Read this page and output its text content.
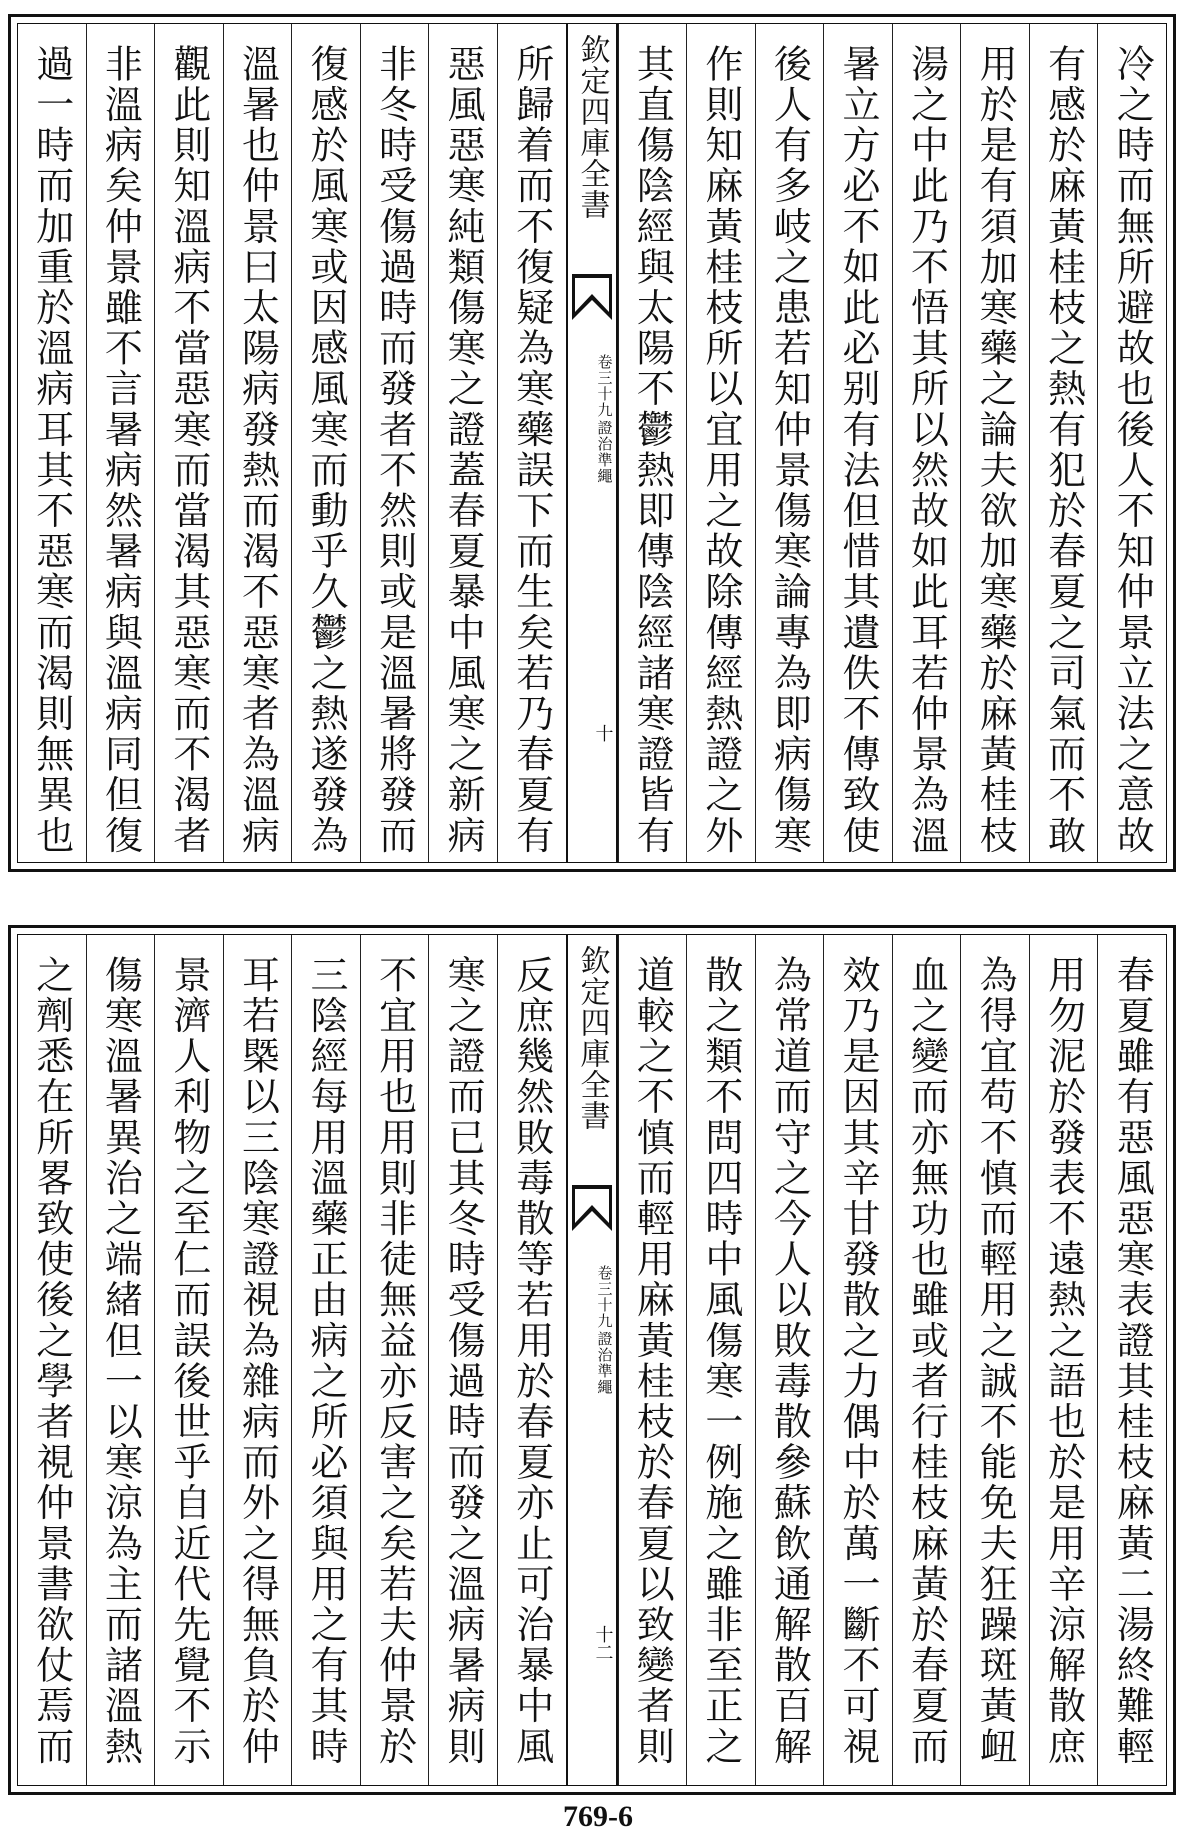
冷之時而無所避故也後人不知仲景立法之意故
有感於麻黃桂枝之熱有犯於春夏之司氣而不敢
用於是有須加寒藥之論夫欲加寒藥於麻黃桂枝
湯之中此乃不悟其所以然故如此耳若仲景為溫
暑立方必不如此必别有法但惜其遺佚不傳致使
後人有多岐之患若知仲景傷寒論專為即病傷寒
作則知麻黃桂枝所以宜用之故除傳經熱證之外
其直傷陰經與太陽不鬱熱即傳陰經諸寒證皆有
欽定四庫全書
證治準繩
卷三十九
十
所歸着而不復疑為寒藥誤下而生矣若乃春夏有
惡風惡寒純類傷寒之證蓋春夏暴中風寒之新病
非冬時受傷過時而發者不然則或是溫暑將發而
復感於風寒或因感風寒而動乎久鬱之熱遂發為
溫暑也仲景曰太陽病發熱而渴不惡寒者為溫病
觀此則知溫病不當惡寒而當渴其惡寒而不渴者
非溫病矣仲景雖不言暑病然暑病與溫病同但復
過一時而加重於溫病耳其不惡寒而渴則無異也
春夏雖有惡風惡寒表證其桂枝麻黃二湯終難輕
用勿泥於發表不遠熱之語也於是用辛涼解散庶
為得宜苟不慎而輕用之誠不能免夫狂躁斑黃衄
血之變而亦無功也雖或者行桂枝麻黃於春夏而
效乃是因其辛甘發散之力偶中於萬一斷不可視
為常道而守之今人以敗毒散參蘇飲通解散百解
散之類不問四時中風傷寒一例施之雖非至正之
道較之不慎而輕用麻黃桂枝於春夏以致變者則
欽定四庫全書
證治準繩
卷三十九
十二
反庶幾然敗毒散等若用於春夏亦止可治暴中風
寒之證而已其冬時受傷過時而發之溫病暑病則
不宜用也用則非徒無益亦反害之矣若夫仲景於
三陰經每用溫藥正由病之所必須與用之有其時
耳若槩以三陰寒證視為雜病而外之得無負於仲
景濟人利物之至仁而誤後世乎自近代先覺不示
傷寒溫暑異治之端緒但一以寒涼為主而諸溫熱
之劑悉在所畧致使後之學者視仲景書欲仗焉而
769-6
